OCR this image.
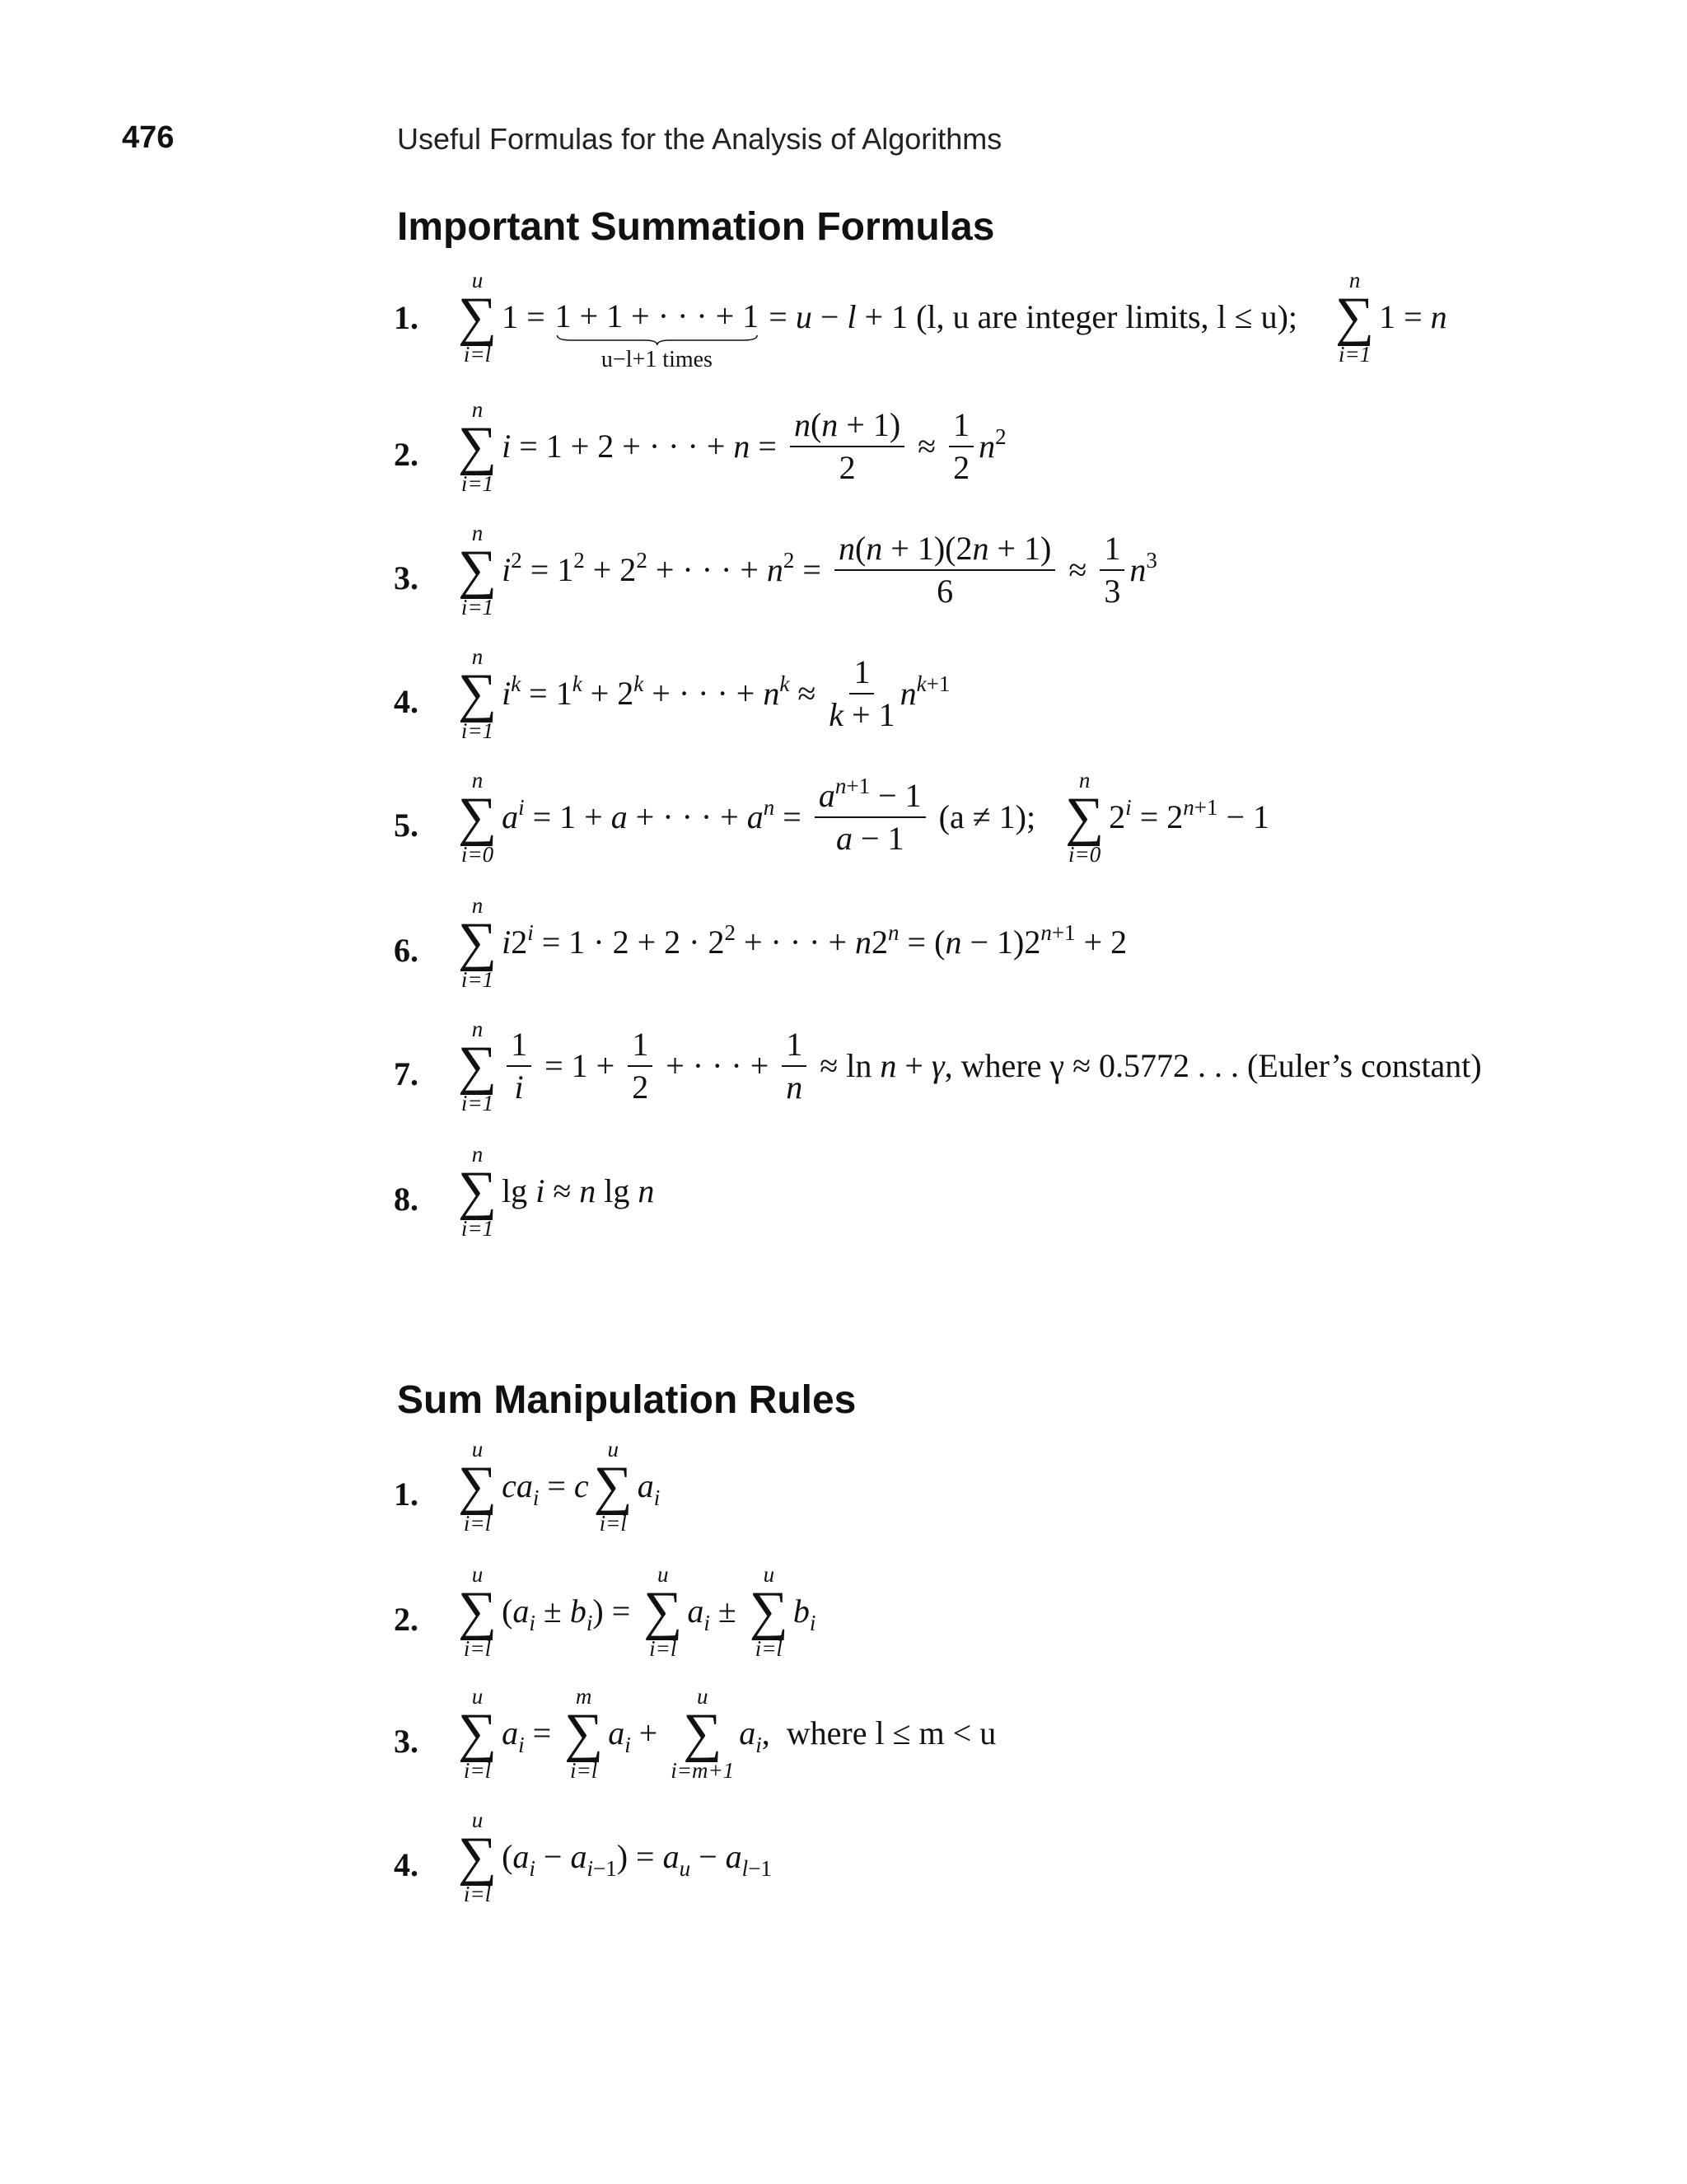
476	Useful Formulas for the Analysis of Algorithms
Important Summation Formulas
1.
u
∑
i=l
1 = 1 + 1 + · · · + 1
u−l+1 times
= u − l + 1 (l, u are integer limits, l ≤ u);

n
∑
i=1
1 = n
2.
n
∑
i=1
i = 1 + 2 + · · · + $n = \frac{n(n + 1)}{2} \approx \frac{1}{2} n^2$
3.
n
∑
i=1
$i^2 = 1^2 + 2^2$ + · · · + $n^2 = \frac{n(n + 1)(2n + 1)}{6} \approx \frac{1}{3} n^3$
4.
n
∑
i=1
$i^k = 1^k + 2^k$ + · · · + $n^k \approx \frac{1}{k + 1} n^{k+1}$
5.
n
∑
i=0
$a^i = 1 + a$ + · · · + $a^n = \frac{a^{n+1} - 1}{a - 1}$
(a ≠ 1);

n
∑
i=0
$2^i = 2^{n+1} - 1$
6.
n
∑
i=1
$i2^i = 1 \cdot 2 + 2 \cdot 2^2$ + · · · + $n2^n = (n - 1)2^{n+1} + 2$
7.
n
∑
$i=1 \frac{1}{i} = 1 + \frac{1}{2}$ + · · · + $\frac{1}{n} \approx \ln n + \gamma$ , where γ ≈ 0.5772 . . . (Euler’s constant)
8.
n
∑
i=1
lg i ≈ n lg n
Sum Manipulation Rules
1.
u
∑
i=l
$ca_i = c$
u
∑
i=l
$a_i$
2.
u
∑
i=l
$(a_i \pm b_i)$ =
u
∑
i=l
$a_i$ ±
u
∑
i=l
$b_i$
3.
u
∑
i=l
$a_i$ =
m
∑
i=l
$a_i$ +
u
∑
i=m+1
$a_i$, where l ≤ m < u
4.
u
∑
i=l
$(a_i - a_{i-1}) = a_u - a_{l-1}$
